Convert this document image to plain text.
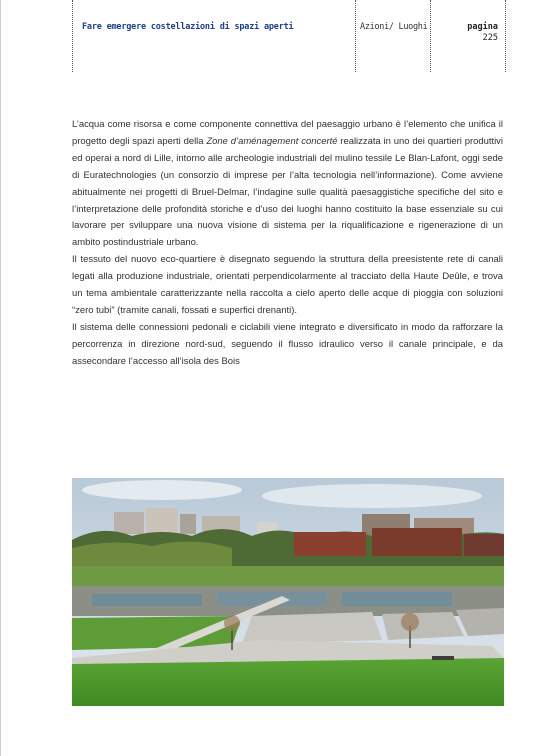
Fare emergere costellazioni di spazi aperti	Azioni/ Luoghi	pagina
225

L’acqua come risorsa e come componente connettiva del paesaggio urbano è l’elemento che unifica il progetto degli spazi aperti della Zone d’aménagement concerté realizzata in uno dei quartieri produttivi ed operai a nord di Lille, intorno alle archeologie industriali del mulino tessile Le Blan-Lafont, oggi sede di Euratechnologies (un consorzio di imprese per l’alta tecnologia nell’informazione). Come avviene abitualmente nei progetti di Bruel-Delmar, l’indagine sulle qualità paesaggistiche specifiche del sito e l’interpretazione delle profondità storiche e d’uso dei luoghi hanno costituito la base essenziale su cui lavorare per sviluppare una nuova visione di sistema per la riqualificazione e rigenerazione di un ambito postindustriale urbano.

Il tessuto del nuovo eco-quartiere è disegnato seguendo la struttura della preesistente rete di canali legati alla produzione industriale, orientati perpendicolarmente al tracciato della Haute Deûle, e trova un tema ambientale caratterizzante nella raccolta a cielo aperto delle acque di pioggia con soluzioni “zero tubi” (tramite canali, fossati e superfici drenanti).

Il sistema delle connessioni pedonali e ciclabili viene integrato e diversificato in modo da rafforzare la percorrenza in direzione nord-sud, seguendo il flusso idraulico verso il canale principale, e da assecondare l’accesso all’isola des Bois
